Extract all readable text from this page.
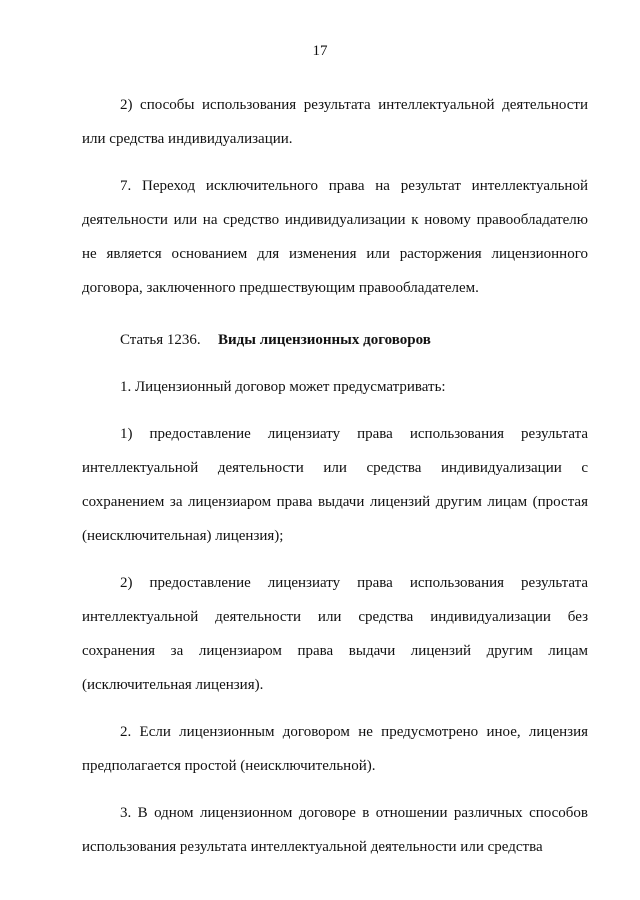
17

2) способы использования результата интеллектуальной деятельности или средства индивидуализации.

7. Переход исключительного права на результат интеллектуальной деятельности или на средство индивидуализации к новому правообладателю не является основанием для изменения или расторжения лицензионного договора, заключенного предшествующим правообладателем.

Статья 1236. Виды лицензионных договоров

1. Лицензионный договор может предусматривать:

1) предоставление лицензиату права использования результата интеллектуальной деятельности или средства индивидуализации с сохранением за лицензиаром права выдачи лицензий другим лицам (простая (неисключительная) лицензия);

2) предоставление лицензиату права использования результата интеллектуальной деятельности или средства индивидуализации без сохранения за лицензиаром права выдачи лицензий другим лицам (исключительная лицензия).

2. Если лицензионным договором не предусмотрено иное, лицензия предполагается простой (неисключительной).

3. В одном лицензионном договоре в отношении различных способов использования результата интеллектуальной деятельности или средства
